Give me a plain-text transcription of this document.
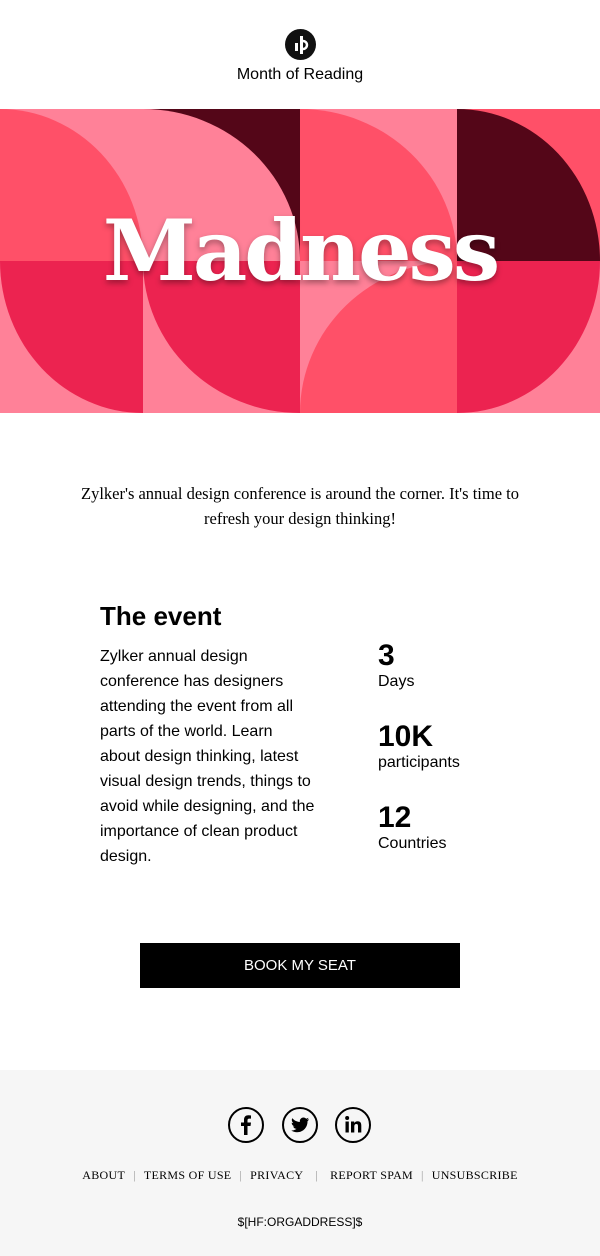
Month of Reading
Madness
Zylker's annual design conference is around the corner. It's time to refresh your design thinking!
The event
Zylker annual design conference has designers attending the event from all parts of the world. Learn about design thinking, latest visual design trends, things to avoid while designing, and the importance of clean product design.
3
Days
10K
participants
12
Countries
BOOK MY SEAT
ABOUT | TERMS OF USE | PRIVACY | REPORT SPAM | UNSUBSCRIBE
$[HF:ORGADDRESS]$
